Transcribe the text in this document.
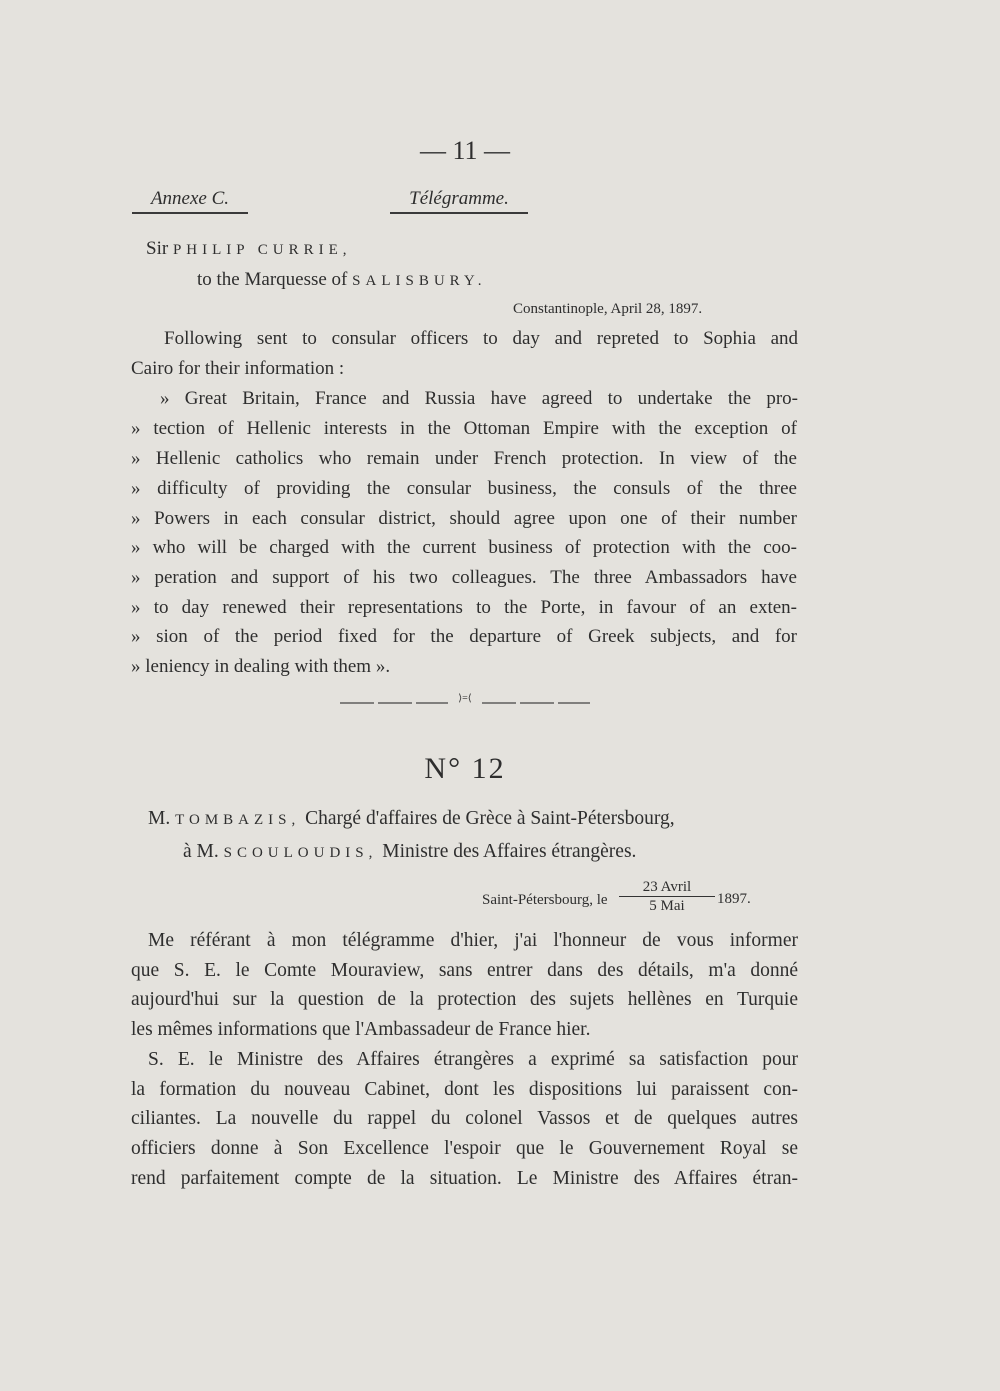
— 11 —
Annexe C.	Télégramme.
Sir PHILIP CURRIE,
to the Marquesse of SALISBURY.
Constantinople, April 28, 1897.
Following sent to consular officers to day and repreted to Sophia and
Cairo for their information :
» Great Britain, France and Russia have agreed to undertake the pro-
» tection of Hellenic interests in the Ottoman Empire with the exception of
» Hellenic catholics who remain under French protection. In view of the
» difficulty of providing the consular business, the consuls of the three
» Powers in each consular district, should agree upon one of their number
» who will be charged with the current business of protection with the coo-
» peration and support of his two colleagues. The three Ambassadors have
» to day renewed their representations to the Porte, in favour of an exten-
» sion of the period fixed for the departure of Greek subjects, and for
» leniency in dealing with them ».
⟩=⟨
N° 12
M. TOMBAZIS, Chargé d'affaires de Grèce à Saint-Pétersbourg,
à M. SCOULOUDIS, Ministre des Affaires étrangères.
Saint-Pétersbourg, le
23 Avril
5 Mai	1897.
Me référant à mon télégramme d'hier, j'ai l'honneur de vous informer
que S. E. le Comte Mouraview, sans entrer dans des détails, m'a donné
aujourd'hui sur la question de la protection des sujets hellènes en Turquie
les mêmes informations que l'Ambassadeur de France hier.
S. E. le Ministre des Affaires étrangères a exprimé sa satisfaction pour
la formation du nouveau Cabinet, dont les dispositions lui paraissent con-
ciliantes. La nouvelle du rappel du colonel Vassos et de quelques autres
officiers donne à Son Excellence l'espoir que le Gouvernement Royal se
rend parfaitement compte de la situation. Le Ministre des Affaires étran-
